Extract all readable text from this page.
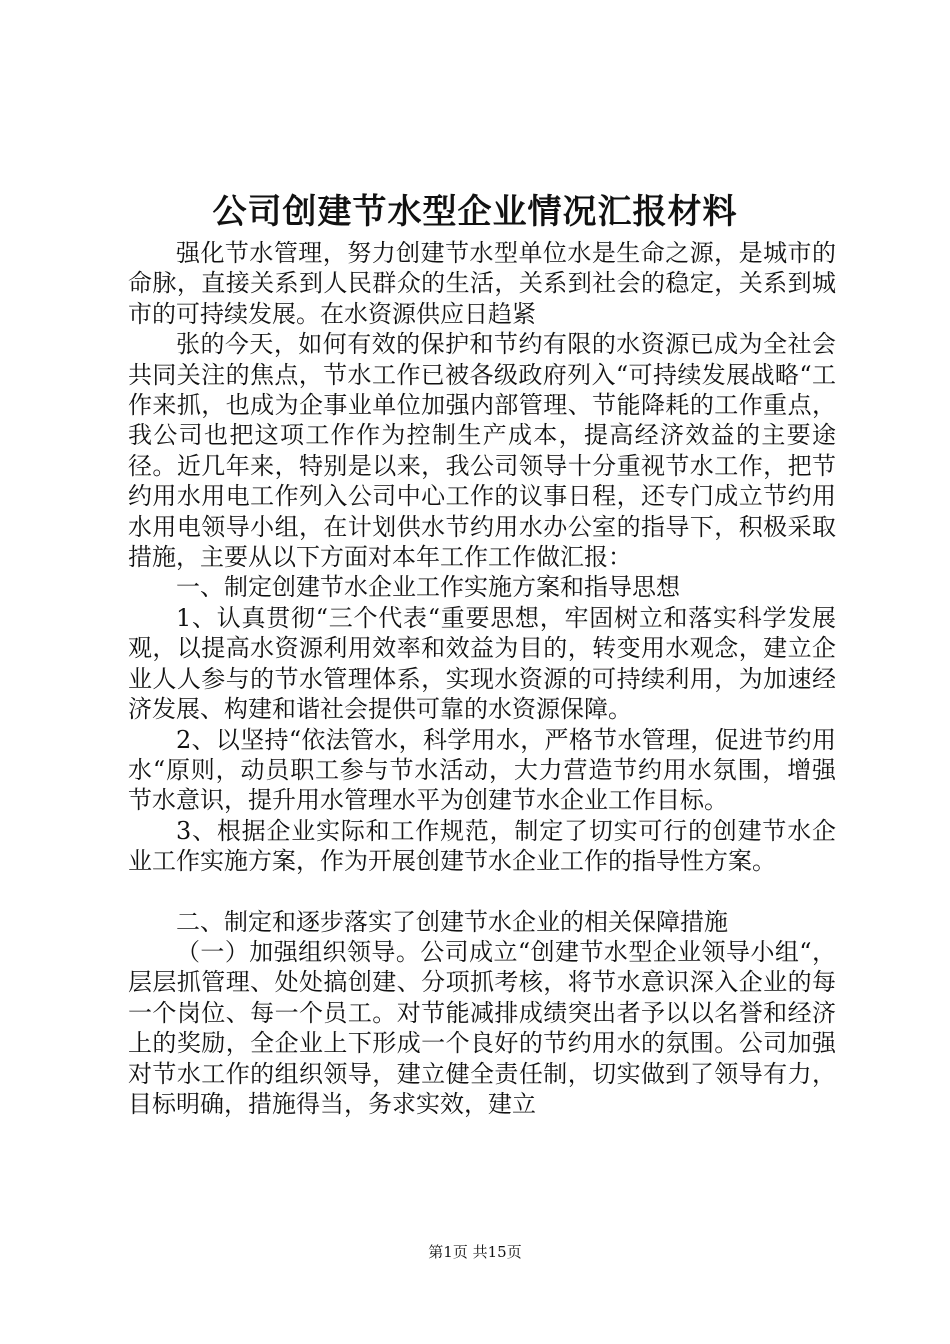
公司创建节水型企业情况汇报材料

强化节水管理，努力创建节水型单位水是生命之源，是城市的命脉，直接关系到人民群众的生活，关系到社会的稳定，关系到城市的可持续发展。在水资源供应日趋紧

张的今天，如何有效的保护和节约有限的水资源已成为全社会共同关注的焦点，节水工作已被各级政府列入“可持续发展战略“工作来抓，也成为企事业单位加强内部管理、节能降耗的工作重点，我公司也把这项工作作为控制生产成本，提高经济效益的主要途径。近几年来，特别是以来，我公司领导十分重视节水工作，把节约用水用电工作列入公司中心工作的议事日程，还专门成立节约用水用电领导小组，在计划供水节约用水办公室的指导下，积极采取措施，主要从以下方面对本年工作工作做汇报：

一、制定创建节水企业工作实施方案和指导思想

1、认真贯彻“三个代表“重要思想，牢固树立和落实科学发展观，以提高水资源利用效率和效益为目的，转变用水观念，建立企业人人参与的节水管理体系，实现水资源的可持续利用，为加速经济发展、构建和谐社会提供可靠的水资源保障。

2、以坚持“依法管水，科学用水，严格节水管理，促进节约用水“原则，动员职工参与节水活动，大力营造节约用水氛围，增强节水意识，提升用水管理水平为创建节水企业工作目标。

3、根据企业实际和工作规范，制定了切实可行的创建节水企业工作实施方案，作为开展创建节水企业工作的指导性方案。

二、制定和逐步落实了创建节水企业的相关保障措施

（一）加强组织领导。公司成立“创建节水型企业领导小组“，层层抓管理、处处搞创建、分项抓考核，将节水意识深入企业的每一个岗位、每一个员工。对节能减排成绩突出者予以以名誉和经济上的奖励，全企业上下形成一个良好的节约用水的氛围。公司加强对节水工作的组织领导，建立健全责任制，切实做到了领导有力，目标明确，措施得当，务求实效，建立

第1页 共15页
